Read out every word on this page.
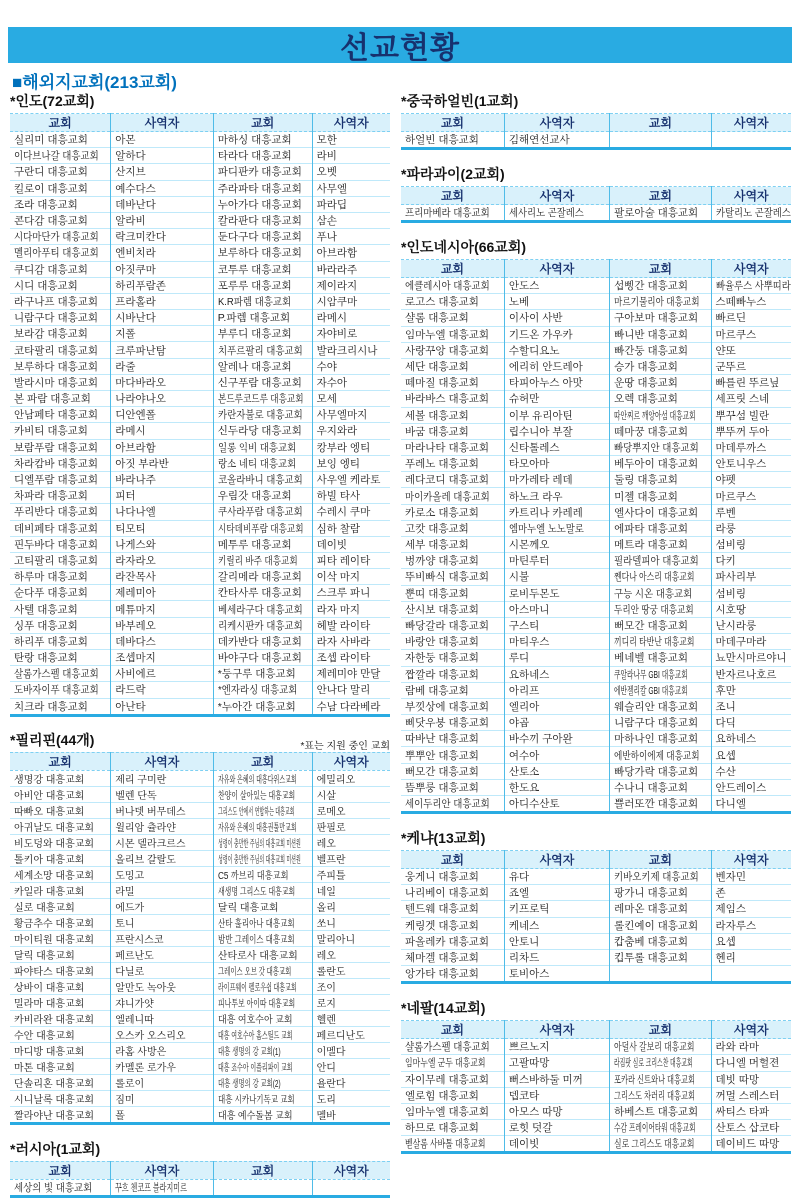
선교현황
■해외지교회(213교회)
*인도(72교회)
교회	사역자	교회	사역자
실리미 대흥교회	아몬	마하싱 대흥교회	모한
이다브나갈 대흥교회	알하다	타라다 대흥교회	라비
구란디 대흥교회	산지브	파디판카 대흥교회	오벳
킬로이 대흥교회	예수다스	주라파타 대흥교회	사무엘
조라 대흥교회	데바난다	누아가다 대흥교회	파라딥
콘다감 대흥교회	알라비	칼라판다 대흥교회	삼손
시다마단가 대흥교회	락크미칸다	둔다구다 대흥교회	푸나
멜리아푸티 대흥교회	엔비치라	보루하다 대흥교회	아브라함
쿠디감 대흥교회	아짓쿠마	코투루 대흥교회	바라라주
시디 대흥교회	하리푸람존	포루루 대흥교회	제이라지
라구나프 대흥교회	프라홀라	K.R파렘 대흥교회	시암쿠마
니람구다 대흥교회	시바난다	P.파렘 대흥교회	라메시
보라감 대흥교회	지폴	부루디 대흥교회	자야비로
코타팔리 대흥교회	크루파난탐	치푸르팔리 대흥교회	발라크리시나
보루하다 대흥교회	라줄	알레나 대흥교회	수야
발라시마 대흥교회	마다바라오	신구푸람 대흥교회	자수아
본 파람 대흥교회	나라야나오	본드루코드루 대흥교회	모세
안남페타 대흥교회	디안엔폴	카란자불로 대흥교회	사무엘마지
카비티 대흥교회	라메시	신두라당 대흥교회	우지와라
보람푸람 대흥교회	아브라함	일롱 익비 대흥교회	캉부라 엥티
차라캄바 대흥교회	아짓 부라반	랑소 네티 대흥교회	보잉 엥티
디엘푸람 대흥교회	바라나주	코올라바니 대흥교회	사우엘 케라토
차파라 대흥교회	피터	우림갓 대흥교회	하빌 타사
푸리반다 대흥교회	나다나엘	쿠사라푸람 대흥교회	수레시 쿠마
데비페타 대흥교회	티모티	시타데비푸람 대흥교회	심하 찰람
핀두바다 대흥교회	나게스와	메투루 대흥교회	데이빗
고티팔리 대흥교회	라자라오	키릴리 바주 대흥교회	피타 레이타
하루마 대흥교회	라잔목사	갈리메라 대흥교회	이삭 마지
순다푸 대흥교회	제레미아	칸타사루 대흥교회	스크루 파니
사텔 대흥교회	메튜마지	베세라구다 대흥교회	라자 마지
싱푸 대흥교회	바부레오	리케시판카 대흥교회	헤발 라이타
하리푸 대흥교회	데바다스	데카반다 대흥교회	라자 사바라
탄랑 대흥교회	조셉마지	바야구다 대흥교회	조셉 라이타
살롬가스펠 대흥교회	사비에르	*둥구루 대흥교회	제레미야 만달
도바자이푸 대흥교회	라드락	*엔자라싱 대흥교회	안나다 말리
치크라 대흥교회	아난타	*누아간 대흥교회	수남 다라베라
*필리핀(44개)	*표는 지원 중인 교회
교회	사역자	교회	사역자
생명강 대흥교회	제리 구미란	자유와 은혜의 대흥다위스교회	에밀리오
아비안 대흥교회	벨렌 단독	찬양이 살아있는 대흥교회	시살
따빠오 대흥교회	버나뎃 버무데스	그리스도 안에서 연합하는 대흥교회	로메오
아귀날도 대흥교회	윌리암 츌라얀	자유와 은혜의 대흥권툴만교회	판필로
비도덩와 대흥교회	시몬 델라크르스	성령이 충만한 주님의 대흥교회 미션원	레오
톨키아 대흥교회	올리브 갈랄도	성령이 충만한 주님의 대흥교회 미션원	벨프란
세계소망 대흥교회	도밍고	C5 까브리 대흥교회	주피틀
카일라 대흥교회	라밀	새생명 그리스도 대흥교회	네일
실로 대흥교회	에드가	달릭 대흥교회	올리
황금추수 대흥교회	토니	산타 훌리아나 대흥교회	쏘니
마이티원 대흥교회	프란시스코	밤반 그레이스 대흥교회	말리아니
달릭 대흥교회	페르난도	산타로사 대흥교회	레오
파야타스 대흥교회	다닐로	그레이스 오브 갓 대흥교회	롤란도
상바이 대흥교회	알만도 녹아웃	라이프웨이 펠로우쉽 대흥교회	조이
밀라마 대흥교회	쟈니가얏	피나투보 아이따 대흥교회	로지
카비라완 대흥교회	엘레니따	대흥 여호수아 교회	헬렌
수안 대흥교회	오스카 오스리오	대흥 여호수아 홈스틸드 교회	페르디난도
마디방 대흥교회	라홈 사방은	대흥 생명의 강 교회(1)	이멜다
마톤 대흥교회	카멜론 로가우	대흥 죠수아 이플리파이 교회	안디
단솔리혼 대흥교회	롤로이	대흥 생명의 강 교회(2)	욜란다
시니날록 대흥교회	짐미	대흥 시카나기독교 교회	도리
짤라야난 대흥교회	폴	대흥 예수돌봄 교회	멜바
*러시아(1교회)
교회	사역자	교회	사역자
세상의 빛 대흥교회	꾸흐 첸코프 블라지미르		
*중국하얼빈(1교회)
교회	사역자	교회	사역자
하얼빈 대흥교회	김해연선교사		
*파라과이(2교회)
교회	사역자	교회	사역자
프리마베라 대흥교회	세사리노 곤잘레스	팔로아술 대흥교회	카탈리노 곤잘레스
*인도네시아(66교회)
교회	사역자	교회	사역자
에클레시아 대흥교회	안도스	섭삥간 대흥교회	빠율루스 사뿌띠라
로고스 대흥교회	노베	마르기물리아 대흥교회	스떼빠누스
샬롬 대흥교회	이사이 사반	구아보마 대흥교회	빠르딘
임마누엘 대흥교회	기드온 가우카	빠니반 대흥교회	마르쿠스
사랑꾸앙 대흥교회	수할디요노	빠간둥 대흥교회	얀또
세단 대흥교회	에리히 안드레아	승가 대흥교회	군뚜르
떼마질 대흥교회	타피아누스 아맛	운땅 대흥교회	빠를린 뚜르닢
바라바스 대흥교회	슈허만	오렉 대흥교회	세프릿 스네
세볼 대흥교회	이부 유리아틴	따안찌르 깨앙아섬 대흥교회	뿌꾸섬 빌란
바굼 대흥교회	립수니아 부잘	떼마꿍 대흥교회	뿌뚜꺼 두아
마라나타 대흥교회	신타톨레스	빠당뿌지안 대흥교회	마데루까스
푸레노 대흥교회	타모아마	베두아이 대흥교회	안토니우스
레다코디 대흥교회	마가레타 레데	둘링 대흥교회	야펫
마이카올레 대흥교회	하노크 라우	미젤 대흥교회	마르쿠스
카로소 대흥교회	카트리나 카레레	엘사다이 대흥교회	루벤
고캇 대흥교회	엠마누엘 노노말로	에파타 대흥교회	라룽
세부 대흥교회	시몬께오	메트라 대흥교회	섬비링
벙까양 대흥교회	마틴루터	필라델피아 대흥교회	다키
뚜비빠식 대흥교회	시불	쩬다나 아스리 대흥교회	파사리부
뿐띠 대흥교회	로비두몬도	구능 시온 대흥교회	섬비링
산시보 대흥교회	아스마니	두리안 땅궁 대흥교회	시호땅
빠당갈라 대흥교회	구스티	뻐모간 대흥교회	난시라룽
바랑안 대흥교회	마티우스	끼디리 타반난 대흥교회	마데구마라
자한둥 대흥교회	루디	베네벨 대흥교회	뇨만시마르야니
짭깔라 대흥교회	요하네스	쿠알라나무 GBI 대흥교회	반자르나호르
람베 대흥교회	아리프	에반젤리칼 GBI 대흥교회	후만
부낏상에 대흥교회	엘리아	웨슬리안 대흥교회	조니
삐닷우붕 대흥교회	야곱	니람구다 대흥교회	다딕
따바난 대흥교회	바수끼 구아완	마하나인 대흥교회	요하네스
뿌뿌안 대흥교회	여수아	에반하이에제 대흥교회	요셉
뻐모간 대흥교회	산토소	빠당가락 대흥교회	수산
뜸뿌룽 대흥교회	한도요	수나니 대흥교회	안드레이스
세이두리안 대흥교회	아디수산토	쁠러또깐 대흥교회	다니엘
*케냐(13교회)
교회	사역자	교회	사역자
웅게니 대흥교회	유다	키바오키제 대흥교회	벤자민
나리베이 대흥교회	죠엘	팡가니 대흥교회	존
텐드웨 대흥교회	키프로틱	레마온 대흥교회	제임스
케링겟 대흥교회	케네스	롤킨예이 대흥교회	라자루스
파올레카 대흥교회	안토니	캅춤베 대흥교회	요셉
체마겔 대흥교회	리차드	킵투롤 대흥교회	헨리
앙가타 대흥교회	토비아스		
*네팔(14교회)
교회	사역자	교회	사역자
샬롬가스펠 대흥교회	쁘르노지	아덜사 갈보리 대흥교회	라와 라마
임마누엘 군두 대흥교회	고팔따망	라짐팟 실로 크리스찬 대흥교회	다니엘 머헐젼
자이무레 대흥교회	뻐스바하둘 미꺼	포카라 신트와나 대흥교회	데빗 따망
엘로힘 대흥교회	뎁코타	그리스도 차러리 대흥교회	꺼멀 스레스터
임마누엘 대흥교회	아모스 따망	하베스트 대흥교회	싸티스 타파
하므로 대흥교회	로힛 덧갈	수감 프레이어타워 대흥교회	산토스 삽코타
벧살롬 사바톨 대흥교회	데이빗	실로 그리스도 대흥교회	데이비드 따망
